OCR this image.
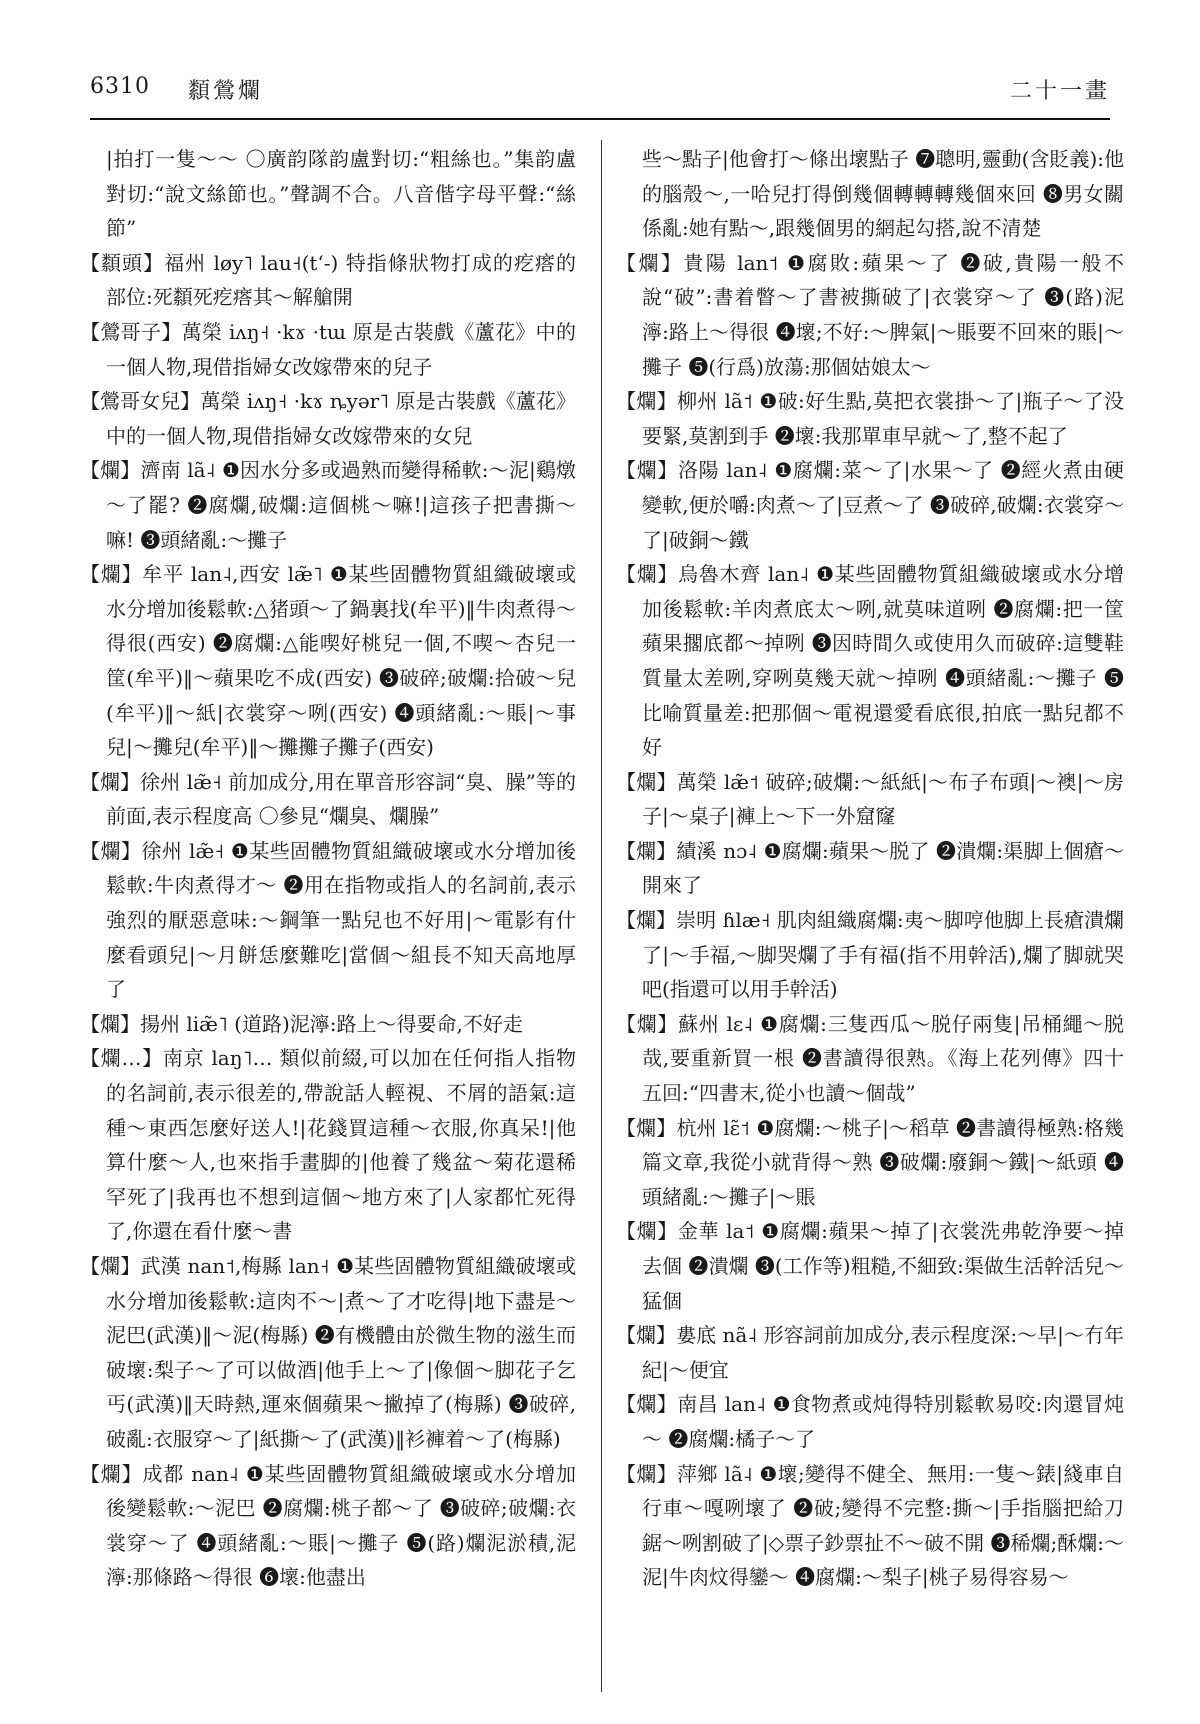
6310 纇鶯爛	二十一畫

|拍打一隻～～ 〇廣韵隊韵盧對切:“粗絲也。”集韵盧對切:“說文絲節也。”聲調不合。八音偕字母平聲:“絲節”

【纇頭】福州 løy˥ lau˧(tʻ-) 特指條狀物打成的疙瘩的部位:死纇死疙瘩其～解艙開

【鶯哥子】萬榮 iʌŋ˧ ·kɤ ·tɯ 原是古裝戲《蘆花》中的一個人物,現借指婦女改嫁帶來的兒子

【鶯哥女兒】萬榮 iʌŋ˧ ·kɤ ȵyər˥ 原是古裝戲《蘆花》中的一個人物,現借指婦女改嫁帶來的女兒

【爛】濟南 lã˨ ❶因水分多或過熟而變得稀軟:～泥|鷄燉～了罷? ❷腐爛,破爛:這個桃～嘛!|這孩子把書撕～嘛! ❸頭緒亂:～攤子

【爛】牟平 lan˨,西安 læ̃˥ ❶某些固體物質組織破壞或水分增加後鬆軟:△猪頭～了鍋裏找(牟平)‖牛肉煮得～得很(西安) ❷腐爛:△能喫好桃兒一個,不喫～杏兒一筐(牟平)‖～蘋果吃不成(西安) ❸破碎;破爛:拾破～兒(牟平)‖～紙|衣裳穿～咧(西安) ❹頭緒亂:～賬|～事兒|～攤兒(牟平)‖～攤攤子攤子(西安)

【爛】徐州 læ̃˧ 前加成分,用在單音形容詞“臭、臊”等的前面,表示程度高 〇參見“爛臭、爛臊”

【爛】徐州 læ̃˧ ❶某些固體物質組織破壞或水分增加後鬆軟:牛肉煮得才～ ❷用在指物或指人的名詞前,表示強烈的厭惡意味:～鋼筆一點兒也不好用|～電影有什麼看頭兒|～月餅恁麼難吃|當個～組長不知天高地厚了

【爛】揚州 liæ̃˥ (道路)泥濘:路上～得要命,不好走

【爛…】南京 laŋ˥… 類似前綴,可以加在任何指人指物的名詞前,表示很差的,帶說話人輕視、不屑的語氣:這種～東西怎麼好送人!|花錢買這種～衣服,你真呆!|他算什麼～人,也來指手畫脚的|他養了幾盆～菊花還稀罕死了|我再也不想到這個～地方來了|人家都忙死得了,你還在看什麼～書

【爛】武漢 nan˦,梅縣 lan˧ ❶某些固體物質組織破壞或水分增加後鬆軟:這肉不～|煮～了才吃得|地下盡是～泥巴(武漢)‖～泥(梅縣) ❷有機體由於微生物的滋生而破壞:梨子～了可以做酒|他手上～了|像個～脚花子乞丐(武漢)‖天時熱,運來個蘋果～撇掉了(梅縣) ❸破碎,破亂:衣服穿～了|紙撕～了(武漢)‖衫褲着～了(梅縣)

【爛】成都 nan˨ ❶某些固體物質組織破壞或水分增加後變鬆軟:～泥巴 ❷腐爛:桃子都～了 ❸破碎;破爛:衣裳穿～了 ❹頭緒亂:～賬|～攤子 ❺(路)爛泥淤積,泥濘:那條路～得很 ❻壞:他盡出

些～點子|他會打～條出壞點子 ❼聰明,靈動(含貶義):他的腦殼～,一哈兒打得倒幾個轉轉轉幾個來回 ❽男女關係亂:她有點～,跟幾個男的網起勾搭,說不清楚

【爛】貴陽 lan˦ ❶腐敗:蘋果～了 ❷破,貴陽一般不說“破”:書着瞥～了書被撕破了|衣裳穿～了 ❸(路)泥濘:路上～得很 ❹壞;不好:～脾氣|～賬要不回來的賬|～攤子 ❺(行爲)放蕩:那個姑娘太～

【爛】柳州 lã˦ ❶破:好生點,莫把衣裳掛～了|瓶子～了没要緊,莫割到手 ❷壞:我那單車早就～了,整不起了

【爛】洛陽 lan˨ ❶腐爛:菜～了|水果～了 ❷經火煮由硬變軟,便於嚼:肉煮～了|豆煮～了 ❸破碎,破爛:衣裳穿～了|破銅～鐵

【爛】烏魯木齊 lan˨ ❶某些固體物質組織破壞或水分增加後鬆軟:羊肉煮底太～咧,就莫味道咧 ❷腐爛:把一筐蘋果擱底都～掉咧 ❸因時間久或使用久而破碎:這雙鞋質量太差咧,穿咧莫幾天就～掉咧 ❹頭緒亂:～攤子 ❺比喻質量差:把那個～電視還愛看底很,拍底一點兒都不好

【爛】萬榮 læ̃˦ 破碎;破爛:～紙紙|～布子布頭|～襖|～房子|～桌子|褲上～下一外窟窿

【爛】績溪 nɔ˨ ❶腐爛:蘋果～脱了 ❷潰爛:渠脚上個瘡～開來了

【爛】崇明 ɦlæ˧ 肌肉組織腐爛:夷～脚哼他脚上長瘡潰爛了|～手福,～脚哭爛了手有福(指不用幹活),爛了脚就哭吧(指還可以用手幹活)

【爛】蘇州 lɛ˨ ❶腐爛:三隻西瓜～脱仔兩隻|吊桶繩～脱哉,要重新買一根 ❷書讀得很熟。《海上花列傳》四十五回:“四書末,從小也讀～個哉”

【爛】杭州 lɛ̃˦ ❶腐爛:～桃子|～稻草 ❷書讀得極熟:格幾篇文章,我從小就背得～熟 ❸破爛:廢銅～鐵|～紙頭 ❹頭緒亂:～攤子|～賬

【爛】金華 la˦ ❶腐爛:蘋果～掉了|衣裳洗弗乾浄要～掉去個 ❷潰爛 ❸(工作等)粗糙,不細致:渠做生活幹活兒～猛個

【爛】婁底 nã˨ 形容詞前加成分,表示程度深:～早|～冇年紀|～便宜

【爛】南昌 lan˨ ❶食物煮或炖得特別鬆軟易咬:肉還冒炖～ ❷腐爛:橘子～了

【爛】萍鄉 lã˨ ❶壞;變得不健全、無用:一隻～錶|綫車自行車～嘎咧壞了 ❷破;變得不完整:撕～|手指腦把給刀鋸～咧割破了|◇票子鈔票扯不～破不開 ❸稀爛;酥爛:～泥|牛肉炆得鑾～ ❹腐爛:～梨子|桃子易得容易～
